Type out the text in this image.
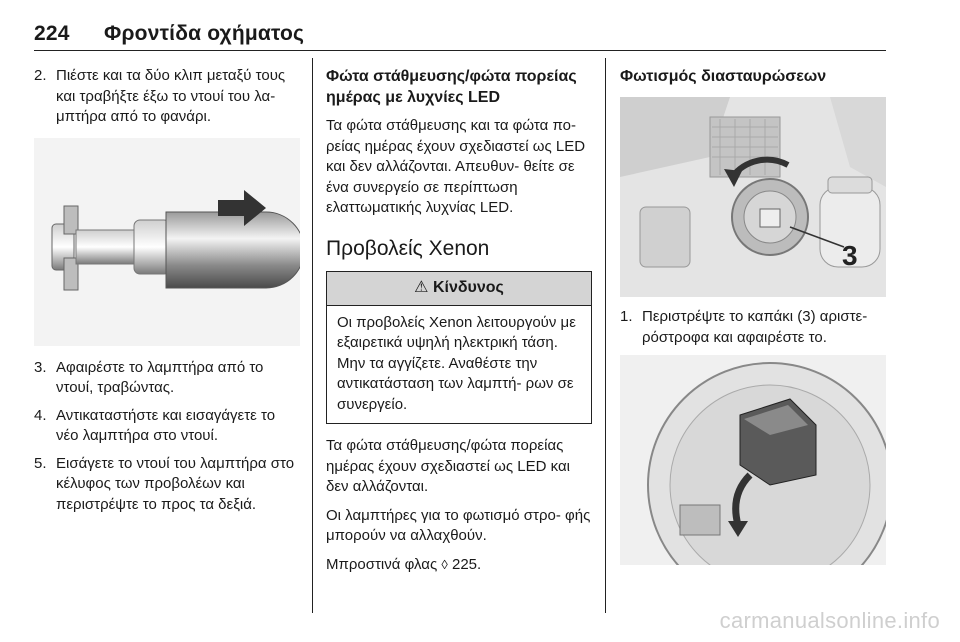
224 Φροντίδα οχήματος
2. Πιέστε και τα δύο κλιπ μεταξύ τους και τραβήξτε έξω το ντουί του λα- μπτήρα από το φανάρι.
3. Αφαιρέστε το λαμπτήρα από το ντουί, τραβώντας.
4. Αντικαταστήστε και εισαγάγετε το νέο λαμπτήρα στο ντουί.
5. Εισάγετε το ντουί του λαμπτήρα στο κέλυφος των προβολέων και περιστρέψτε το προς τα δεξιά.
Φώτα στάθμευσης/φώτα πορείας ημέρας με λυχνίες LED

Τα φώτα στάθμευσης και τα φώτα πο- ρείας ημέρας έχουν σχεδιαστεί ως LED και δεν αλλάζονται. Απευθυν- θείτε σε ένα συνεργείο σε περίπτωση ελαττωματικής λυχνίας LED.

Προβολείς Xenon
⚠ Κίνδυνος
Οι προβολείς Xenon λειτουργούν με εξαιρετικά υψηλή ηλεκτρική τάση. Μην τα αγγίζετε. Αναθέστε την αντικατάσταση των λαμπτή- ρων σε συνεργείο.

Τα φώτα στάθμευσης/φώτα πορείας ημέρας έχουν σχεδιαστεί ως LED και δεν αλλάζονται.

Οι λαμπτήρες για το φωτισμό στρο- φής μπορούν να αλλαχθούν.

Μπροστινά φλας ◊ 225.

Φωτισμός διασταυρώσεων
3
1. Περιστρέψτε το καπάκι (3) αριστε- ρόστροφα και αφαιρέστε το.
carmanualsonline.info
